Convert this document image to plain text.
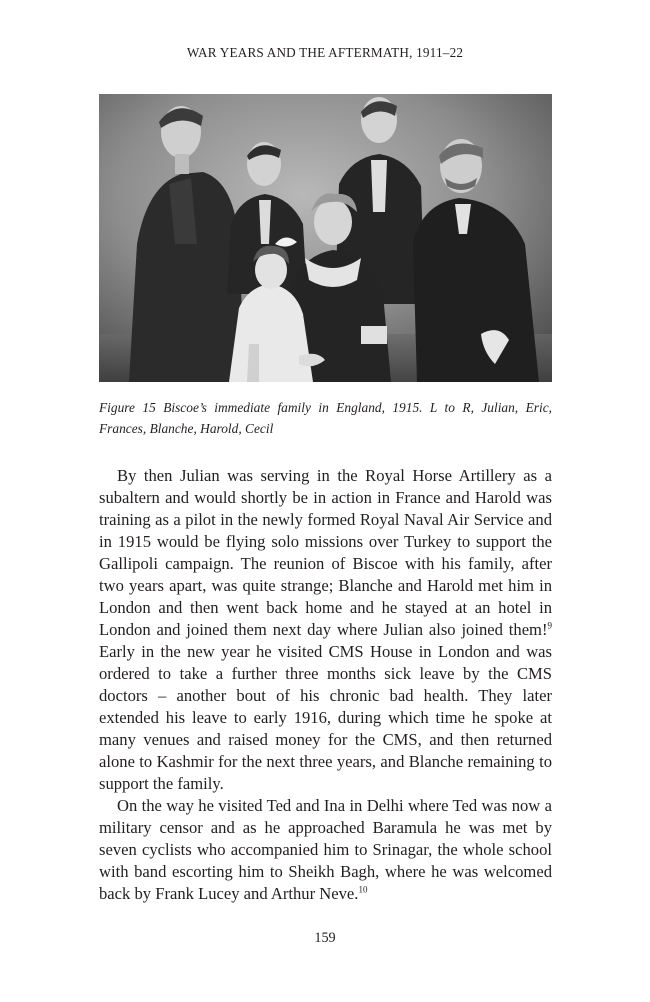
WAR YEARS AND THE AFTERMATH, 1911–22
Figure 15 Biscoe’s immediate family in England, 1915. L to R, Julian, Eric, Frances, Blanche, Harold, Cecil

By then Julian was serving in the Royal Horse Artillery as a subaltern and would shortly be in action in France and Harold was training as a pilot in the newly formed Royal Naval Air Service and in 1915 would be flying solo missions over Turkey to support the Gallipoli campaign. The reunion of Biscoe with his family, after two years apart, was quite strange; Blanche and Harold met him in London and then went back home and he stayed at an hotel in London and joined them next day where Julian also joined them!$^9$ Early in the new year he visited CMS House in London and was ordered to take a further three months sick leave by the CMS doctors – another bout of his chronic bad health. They later extended his leave to early 1916, during which time he spoke at many venues and raised money for the CMS, and then returned alone to Kashmir for the next three years, and Blanche remaining to support the family.

On the way he visited Ted and Ina in Delhi where Ted was now a military censor and as he approached Baramula he was met by seven cyclists who accompanied him to Srinagar, the whole school with band escorting him to Sheikh Bagh, where he was welcomed back by Frank Lucey and Arthur Neve.$^{10}$

159
